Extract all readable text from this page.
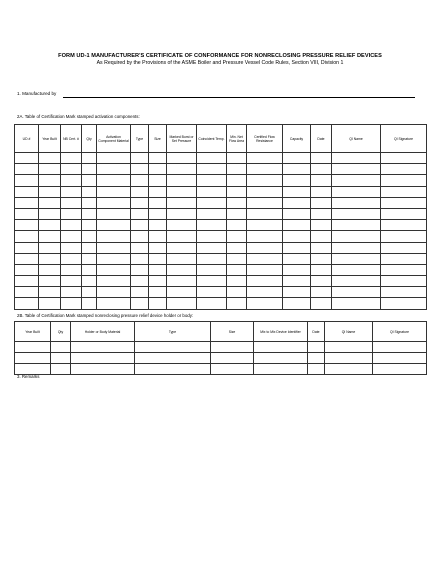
FORM UD-1 MANUFACTURER'S CERTIFICATE OF CONFORMANCE FOR NONRECLOSING PRESSURE RELIEF DEVICES
As Required by the Provisions of the ASME Boiler and Pressure Vessel Code Rules, Section VIII, Division 1
1. Manufactured by
2A. Table of Certification Mark stamped activation components:
UD #	Year Built	NB Cert. #	Qty	Activation Component Material	Type	Size	Marked Burst or Set Pressure	Coincident Temp.	Min. Net Flow Area	Certified Flow Resistance	Capacity	Date	QI Name	QI Signature

2B. Table of Certification Mark stamped nonreclosing pressure relief device holder or body:
Year Built	Qty	Holder or Body Material	Type	Size	Mix to Mix Device Identifier	Date	QI Name	QI Signature

3. Remarks
